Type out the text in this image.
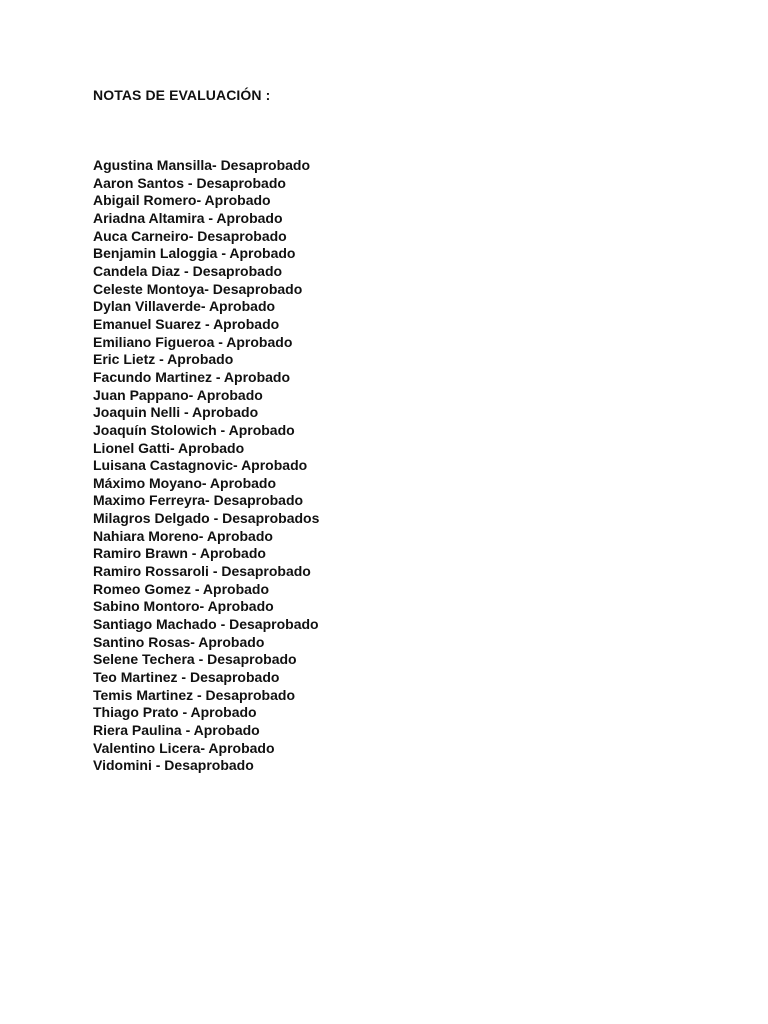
NOTAS DE EVALUACIÓN :
Agustina Mansilla- Desaprobado
Aaron Santos - Desaprobado
Abigail Romero- Aprobado
Ariadna Altamira - Aprobado
Auca Carneiro- Desaprobado
Benjamin Laloggia - Aprobado
Candela Diaz - Desaprobado
Celeste Montoya- Desaprobado
Dylan Villaverde- Aprobado
Emanuel Suarez - Aprobado
Emiliano Figueroa - Aprobado
Eric Lietz - Aprobado
Facundo Martinez - Aprobado
Juan Pappano- Aprobado
Joaquin Nelli - Aprobado
Joaquín Stolowich - Aprobado
Lionel Gatti- Aprobado
Luisana Castagnovic- Aprobado
Máximo Moyano- Aprobado
Maximo Ferreyra- Desaprobado
Milagros Delgado - Desaprobados
Nahiara Moreno- Aprobado
Ramiro Brawn - Aprobado
Ramiro Rossaroli - Desaprobado
Romeo Gomez - Aprobado
Sabino Montoro- Aprobado
Santiago Machado - Desaprobado
Santino Rosas- Aprobado
Selene Techera - Desaprobado
Teo Martinez - Desaprobado
Temis Martinez - Desaprobado
Thiago Prato - Aprobado
Riera Paulina - Aprobado
Valentino Licera- Aprobado
Vidomini - Desaprobado
